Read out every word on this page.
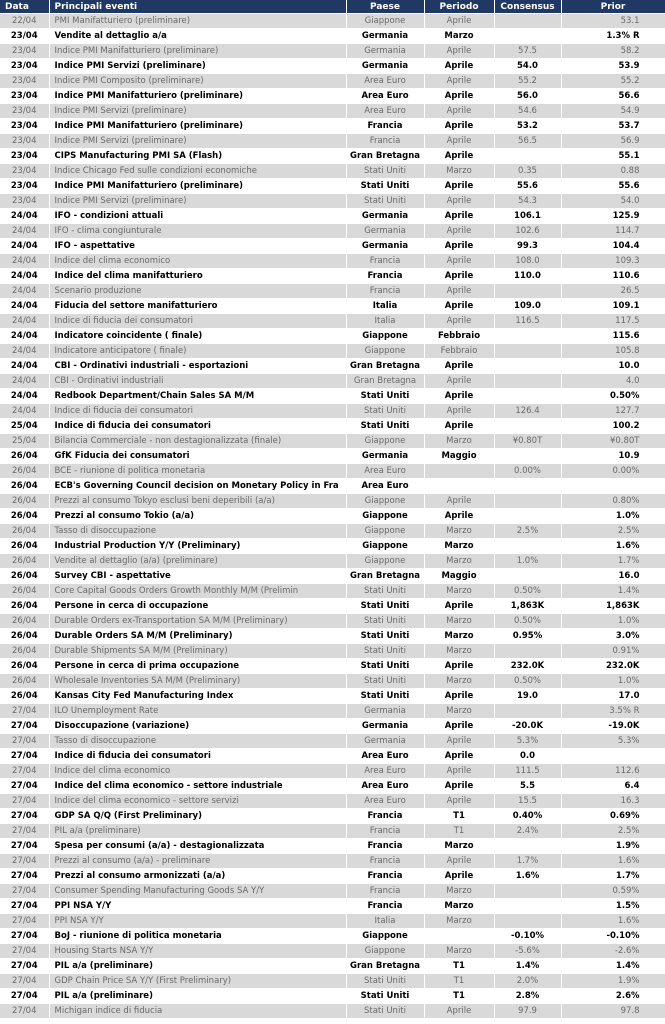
Data	Principali eventi	Paese	Periodo	Consensus	Prior
22/04	PMI Manifatturiero (preliminare)	Giappone	Aprile		53.1
23/04	Vendite al dettaglio a/a	Germania	Marzo		1.3% R
23/04	Indice PMI Manifatturiero (preliminare)	Germania	Aprile	57.5	58.2
23/04	Indice PMI Servizi (preliminare)	Germania	Aprile	54.0	53.9
23/04	Indice PMI Composito (preliminare)	Area Euro	Aprile	55.2	55.2
23/04	Indice PMI Manifatturiero (preliminare)	Area Euro	Aprile	56.0	56.6
23/04	Indice PMI Servizi (preliminare)	Area Euro	Aprile	54.6	54.9
23/04	Indice PMI Manifatturiero (preliminare)	Francia	Aprile	53.2	53.7
23/04	Indice PMI Servizi (preliminare)	Francia	Aprile	56.5	56.9
23/04	CIPS Manufacturing PMI SA (Flash)	Gran Bretagna	Aprile		55.1
23/04	Indice Chicago Fed sulle condizioni economiche	Stati Uniti	Marzo	0.35	0.88
23/04	Indice PMI Manifatturiero (preliminare)	Stati Uniti	Aprile	55.6	55.6
23/04	Indice PMI Servizi (preliminare)	Stati Uniti	Aprile	54.3	54.0
24/04	IFO - condizioni attuali	Germania	Aprile	106.1	125.9
24/04	IFO - clima congiunturale	Germania	Aprile	102.6	114.7
24/04	IFO - aspettative	Germania	Aprile	99.3	104.4
24/04	Indice del clima economico	Francia	Aprile	108.0	109.3
24/04	Indice del clima manifatturiero	Francia	Aprile	110.0	110.6
24/04	Scenario produzione	Francia	Aprile		26.5
24/04	Fiducia del settore manifatturiero	Italia	Aprile	109.0	109.1
24/04	Indice di fiducia dei consumatori	Italia	Aprile	116.5	117.5
24/04	Indicatore coincidente ( finale)	Giappone	Febbraio		115.6
24/04	Indicatore anticipatore ( finale)	Giappone	Febbraio		105.8
24/04	CBI - Ordinativi industriali - esportazioni	Gran Bretagna	Aprile		10.0
24/04	CBI - Ordinativi industriali	Gran Bretagna	Aprile		4.0
24/04	Redbook Department/Chain Sales SA M/M	Stati Uniti	Aprile		0.50%
24/04	Indice di fiducia dei consumatori	Stati Uniti	Aprile	126.4	127.7
25/04	Indice di fiducia dei consumatori	Stati Uniti	Aprile		100.2
25/04	Bilancia Commerciale - non destagionalizzata (finale)	Giappone	Marzo	¥0.80T	¥0.80T
26/04	GfK Fiducia dei consumatori	Germania	Maggio		10.9
26/04	BCE - riunione di politica monetaria	Area Euro		0.00%	0.00%
26/04	ECB's Governing Council decision on Monetary Policy in Fra	Area Euro			
26/04	Prezzi al consumo Tokyo esclusi beni deperibili (a/a)	Giappone	Aprile		0.80%
26/04	Prezzi al consumo Tokio (a/a)	Giappone	Aprile		1.0%
26/04	Tasso di disoccupazione	Giappone	Marzo	2.5%	2.5%
26/04	Industrial Production Y/Y (Preliminary)	Giappone	Marzo		1.6%
26/04	Vendite al dettaglio (a/a) (preliminare)	Giappone	Marzo	1.0%	1.7%
26/04	Survey CBI - aspettative	Gran Bretagna	Maggio		16.0
26/04	Core Capital Goods Orders Growth Monthly M/M (Prelimin	Stati Uniti	Marzo	0.50%	1.4%
26/04	Persone in cerca di occupazione	Stati Uniti	Aprile	1,863K	1,863K
26/04	Durable Orders ex-Transportation SA M/M (Preliminary)	Stati Uniti	Marzo	0.50%	1.0%
26/04	Durable Orders SA M/M (Preliminary)	Stati Uniti	Marzo	0.95%	3.0%
26/04	Durable Shipments SA M/M (Preliminary)	Stati Uniti	Marzo		0.91%
26/04	Persone in cerca di prima occupazione	Stati Uniti	Aprile	232.0K	232.0K
26/04	Wholesale Inventories SA M/M (Preliminary)	Stati Uniti	Marzo	0.50%	1.0%
26/04	Kansas City Fed Manufacturing Index	Stati Uniti	Aprile	19.0	17.0
27/04	ILO Unemployment Rate	Germania	Marzo		3.5% R
27/04	Disoccupazione (variazione)	Germania	Aprile	-20.0K	-19.0K
27/04	Tasso di disoccupazione	Germania	Aprile	5.3%	5.3%
27/04	Indice di fiducia dei consumatori	Area Euro	Aprile	0.0	
27/04	Indice del clima economico	Area Euro	Aprile	111.5	112.6
27/04	Indice del clima economico - settore industriale	Area Euro	Aprile	5.5	6.4
27/04	Indice del clima economico - settore servizi	Area Euro	Aprile	15.5	16.3
27/04	GDP SA Q/Q (First Preliminary)	Francia	T1	0.40%	0.69%
27/04	PIL a/a (preliminare)	Francia	T1	2.4%	2.5%
27/04	Spesa per consumi (a/a) - destagionalizzata	Francia	Marzo		1.9%
27/04	Prezzi al consumo (a/a) - preliminare	Francia	Aprile	1.7%	1.6%
27/04	Prezzi al consumo armonizzati (a/a)	Francia	Aprile	1.6%	1.7%
27/04	Consumer Spending Manufacturing Goods SA Y/Y	Francia	Marzo		0.59%
27/04	PPI NSA Y/Y	Francia	Marzo		1.5%
27/04	PPI NSA Y/Y	Italia	Marzo		1.6%
27/04	BoJ - riunione di politica monetaria	Giappone		-0.10%	-0.10%
27/04	Housing Starts NSA Y/Y	Giappone	Marzo	-5.6%	-2.6%
27/04	PIL a/a (preliminare)	Gran Bretagna	T1	1.4%	1.4%
27/04	GDP Chain Price SA Y/Y (First Preliminary)	Stati Uniti	T1	2.0%	1.9%
27/04	PIL a/a (preliminare)	Stati Uniti	T1	2.8%	2.6%
27/04	Michigan indice di fiducia	Stati Uniti	Aprile	97.9	97.8
